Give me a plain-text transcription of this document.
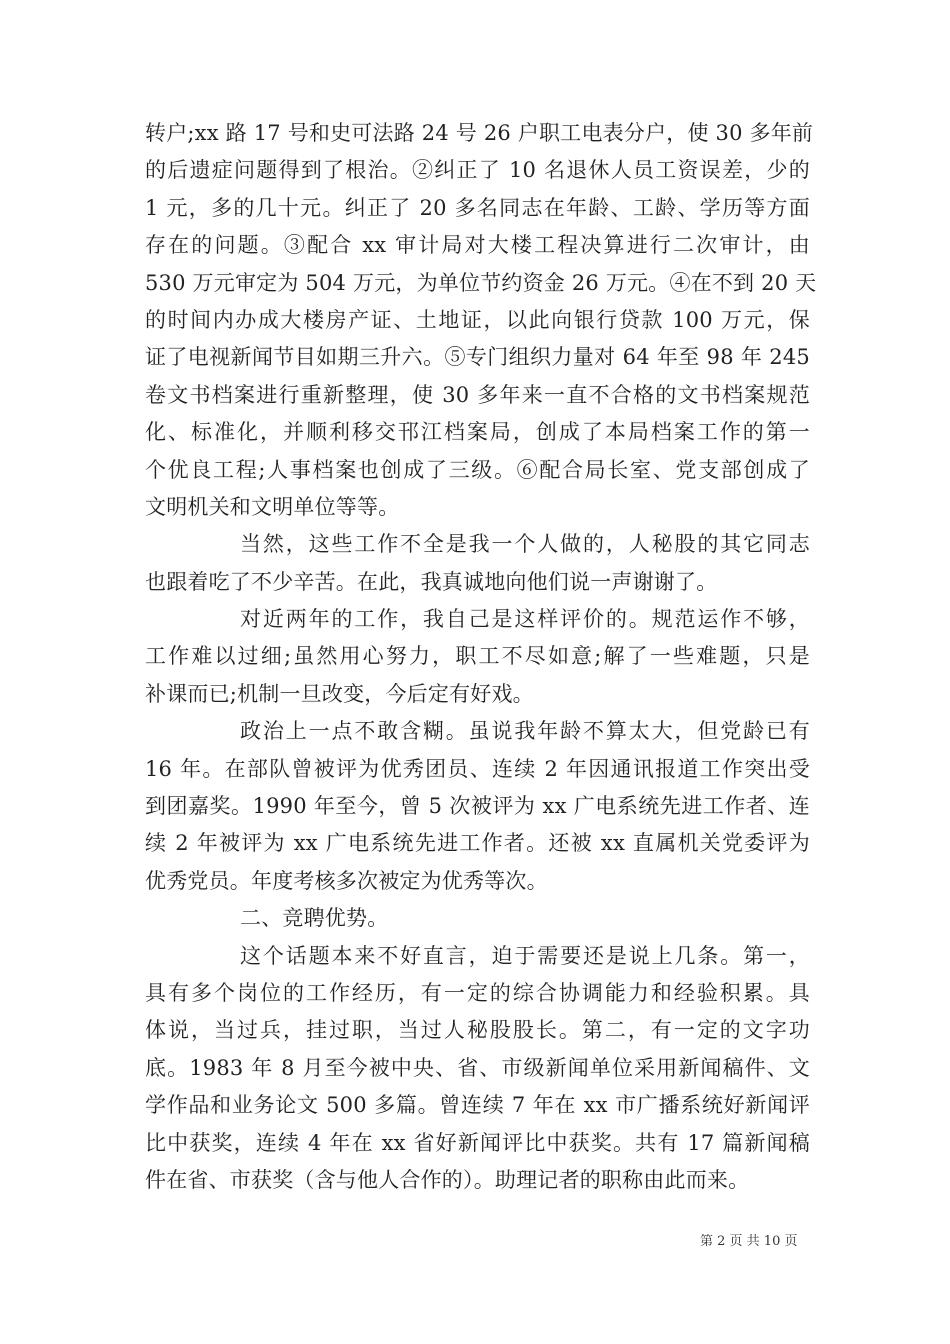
转户;xx 路 17 号和史可法路 24 号 26 户职工电表分户，使 30 多年前
的后遗症问题得到了根治。②纠正了 10 名退休人员工资误差，少的
1 元，多的几十元。纠正了 20 多名同志在年龄、工龄、学历等方面
存在的问题。③配合 xx 审计局对大楼工程决算进行二次审计，由
530 万元审定为 504 万元，为单位节约资金 26 万元。④在不到 20 天
的时间内办成大楼房产证、土地证，以此向银行贷款 100 万元，保
证了电视新闻节目如期三升六。⑤专门组织力量对 64 年至 98 年 245
卷文书档案进行重新整理，使 30 多年来一直不合格的文书档案规范
化、标准化，并顺利移交邗江档案局，创成了本局档案工作的第一
个优良工程;人事档案也创成了三级。⑥配合局长室、党支部创成了
文明机关和文明单位等等。
当然，这些工作不全是我一个人做的，人秘股的其它同志
也跟着吃了不少辛苦。在此，我真诚地向他们说一声谢谢了。
对近两年的工作，我自己是这样评价的。规范运作不够，
工作难以过细;虽然用心努力，职工不尽如意;解了一些难题，只是
补课而已;机制一旦改变，今后定有好戏。
政治上一点不敢含糊。虽说我年龄不算太大，但党龄已有
16 年。在部队曾被评为优秀团员、连续 2 年因通讯报道工作突出受
到团嘉奖。1990 年至今，曾 5 次被评为 xx 广电系统先进工作者、连
续 2 年被评为 xx 广电系统先进工作者。还被 xx 直属机关党委评为
优秀党员。年度考核多次被定为优秀等次。
二、竞聘优势。
这个话题本来不好直言，迫于需要还是说上几条。第一，
具有多个岗位的工作经历，有一定的综合协调能力和经验积累。具
体说，当过兵，挂过职，当过人秘股股长。第二，有一定的文字功
底。1983 年 8 月至今被中央、省、市级新闻单位采用新闻稿件、文
学作品和业务论文 500 多篇。曾连续 7 年在 xx 市广播系统好新闻评
比中获奖，连续 4 年在 xx 省好新闻评比中获奖。共有 17 篇新闻稿
件在省、市获奖（含与他人合作的）。助理记者的职称由此而来。
第 2 页 共 10 页
